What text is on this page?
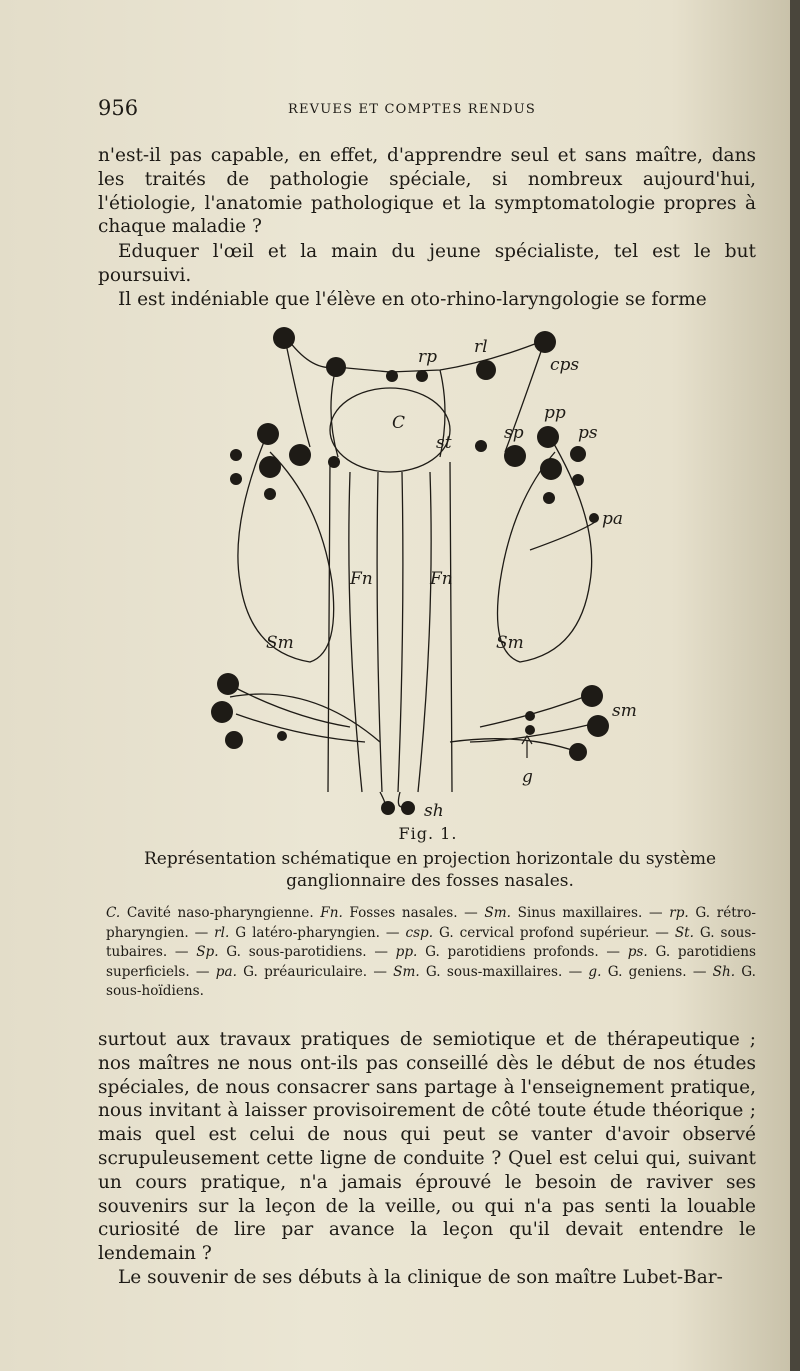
956	REVUES ET COMPTES RENDUS

n'est-il pas capable, en effet, d'apprendre seul et sans maître, dans les traités de pathologie spéciale, si nombreux aujourd'hui, l'étiologie, l'anatomie pathologique et la symptomatologie propres à chaque maladie ?

Eduquer l'œil et la main du jeune spécialiste, tel est le but poursuivi.

Il est indéniable que l'élève en oto-rhino-laryngologie se forme

rp rl
cps
C
st	sp
pp
ps
pa
Fn	Fn
Sm	Sm
sm
g
sh
Fig. 1.

Représentation schématique en projection horizontale du système ganglionnaire des fosses nasales.

C. Cavité naso-pharyngienne. Fn. Fosses nasales. — Sm. Sinus maxillaires. — rp. G. rétro-pharyngien. — rl. G latéro-pharyngien. — csp. G. cervical profond supérieur. — St. G. sous-tubaires. — Sp. G. sous-parotidiens. — pp. G. parotidiens profonds. — ps. G. parotidiens superficiels. — pa. G. préauriculaire. — Sm. G. sous-maxillaires. — g. G. geniens. — Sh. G. sous-hoïdiens.

surtout aux travaux pratiques de semiotique et de thérapeutique ; nos maîtres ne nous ont-ils pas conseillé dès le début de nos études spéciales, de nous consacrer sans partage à l'enseignement pratique, nous invitant à laisser provisoirement de côté toute étude théorique ; mais quel est celui de nous qui peut se vanter d'avoir observé scrupuleusement cette ligne de conduite ? Quel est celui qui, suivant un cours pratique, n'a jamais éprouvé le besoin de raviver ses souvenirs sur la leçon de la veille, ou qui n'a pas senti la louable curiosité de lire par avance la leçon qu'il devait entendre le lendemain ?

Le souvenir de ses débuts à la clinique de son maître Lubet-Bar-
